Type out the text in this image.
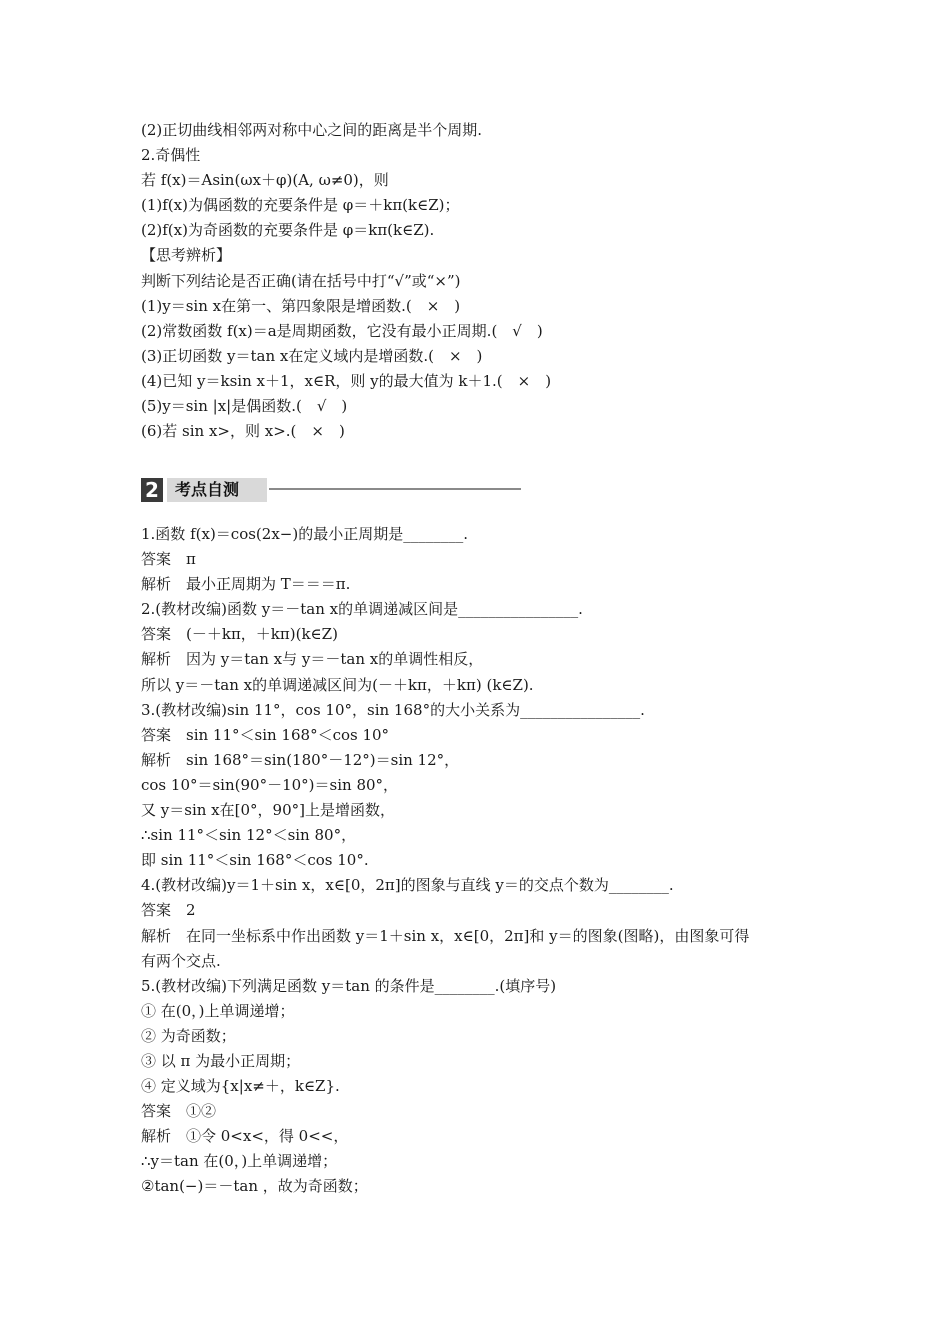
(2)正切曲线相邻两对称中心之间的距离是半个周期.
2.奇偶性
若 f(x)＝Asin(ωx＋φ)(A, ω≠0)，则
(1)f(x)为偶函数的充要条件是 φ＝＋kπ(k∈Z)；
(2)f(x)为奇函数的充要条件是 φ＝kπ(k∈Z).
【思考辨析】
判断下列结论是否正确(请在括号中打“√”或“×”)
(1)y＝sin x在第一、第四象限是增函数.(　×　)
(2)常数函数 f(x)＝a是周期函数，它没有最小正周期.(　√　)
(3)正切函数 y＝tan x在定义域内是增函数.(　×　)
(4)已知 y＝ksin x＋1，x∈R，则 y的最大值为 k＋1.(　×　)
(5)y＝sin |x|是偶函数.(　√　)
(6)若 sin x>，则 x>.(　×　)
2	考点自测
1.函数 f(x)＝cos(2x−)的最小正周期是________.
答案　π
解析　最小正周期为 T＝＝＝π.
2.(教材改编)函数 y＝－tan x的单调递减区间是________________.
答案　(－＋kπ，＋kπ)(k∈Z)
解析　因为 y＝tan x与 y＝－tan x的单调性相反，
所以 y＝－tan x的单调递减区间为(－＋kπ，＋kπ) (k∈Z).
3.(教材改编)sin 11°，cos 10°，sin 168°的大小关系为________________.
答案　sin 11°＜sin 168°＜cos 10°
解析　sin 168°＝sin(180°－12°)＝sin 12°，
cos 10°＝sin(90°－10°)＝sin 80°，
又 y＝sin x在[0°，90°]上是增函数，
∴sin 11°＜sin 12°＜sin 80°，
即 sin 11°＜sin 168°＜cos 10°.
4.(教材改编)y＝1＋sin x，x∈[0，2π]的图象与直线 y＝的交点个数为________.
答案　2
解析　在同一坐标系中作出函数 y＝1＋sin x，x∈[0，2π]和 y＝的图象(图略)，由图象可得
有两个交点.
5.(教材改编)下列满足函数 y＝tan 的条件是________.(填序号)
① 在(0，)上单调递增；
② 为奇函数；
③ 以 π 为最小正周期；
④ 定义域为{x|x≠＋，k∈Z}.
答案　①②
解析　①令 0<x<，得 0<<，
∴y＝tan 在(0，)上单调递增；
②tan(−)＝－tan ，故为奇函数；
